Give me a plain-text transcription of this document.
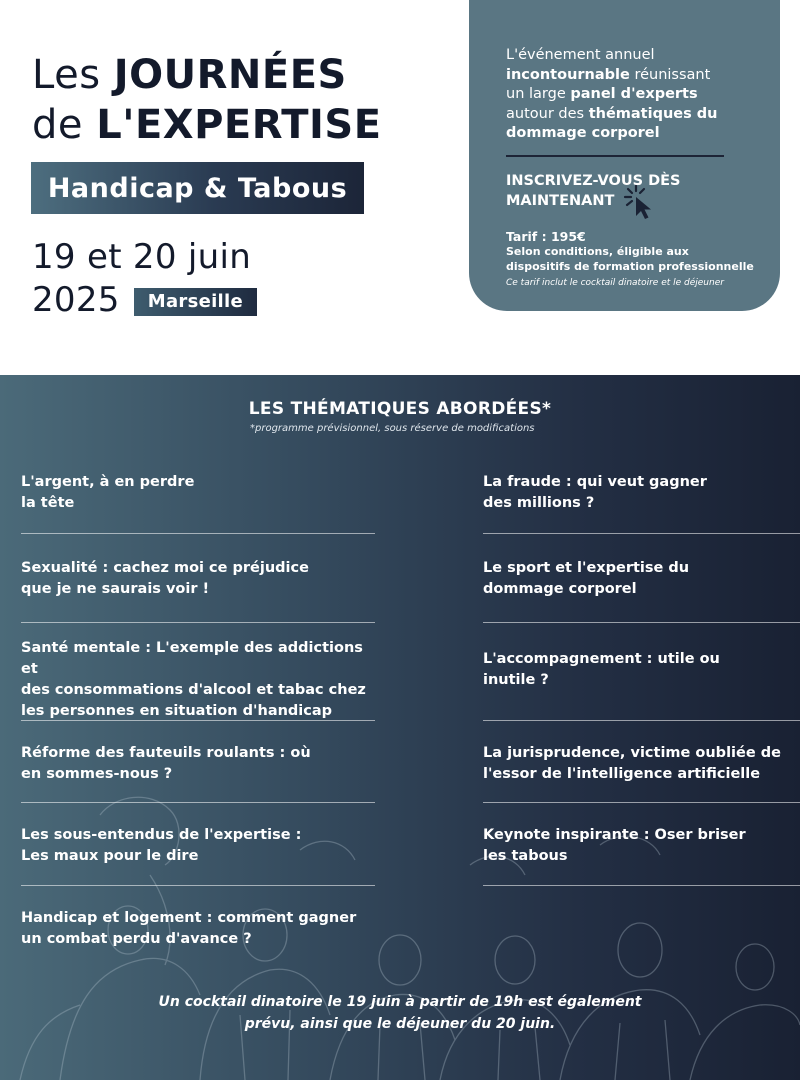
Les JOURNÉES
de L'EXPERTISE
Handicap & Tabous
19 et 20 juin
2025	Marseille
L'événement annuel
incontournable réunissant
un large panel d'experts
autour des thématiques du
dommage corporel
INSCRIVEZ-VOUS DÈS MAINTENANT
Tarif : 195€
Selon conditions, éligible aux dispositifs de formation professionnelle
Ce tarif inclut le cocktail dinatoire et le déjeuner
LES THÉMATIQUES ABORDÉES*
*programme prévisionnel, sous réserve de modifications
L'argent, à en perdre
la tête
Sexualité : cachez moi ce préjudice
que je ne saurais voir !
Santé mentale : L'exemple des addictions et
des consommations d'alcool et tabac chez
les personnes en situation d'handicap
Réforme des fauteuils roulants : où
en sommes-nous ?
Les sous-entendus de l'expertise :
Les maux pour le dire
Handicap et logement : comment gagner
un combat perdu d'avance ?
La fraude : qui veut gagner
des millions ?
Le sport et l'expertise du
dommage corporel
L'accompagnement : utile ou
inutile ?
La jurisprudence, victime oubliée de
l'essor de l'intelligence artificielle
Keynote inspirante : Oser briser
les tabous
Un cocktail dinatoire le 19 juin à partir de 19h est également
prévu, ainsi que le déjeuner du 20 juin.
